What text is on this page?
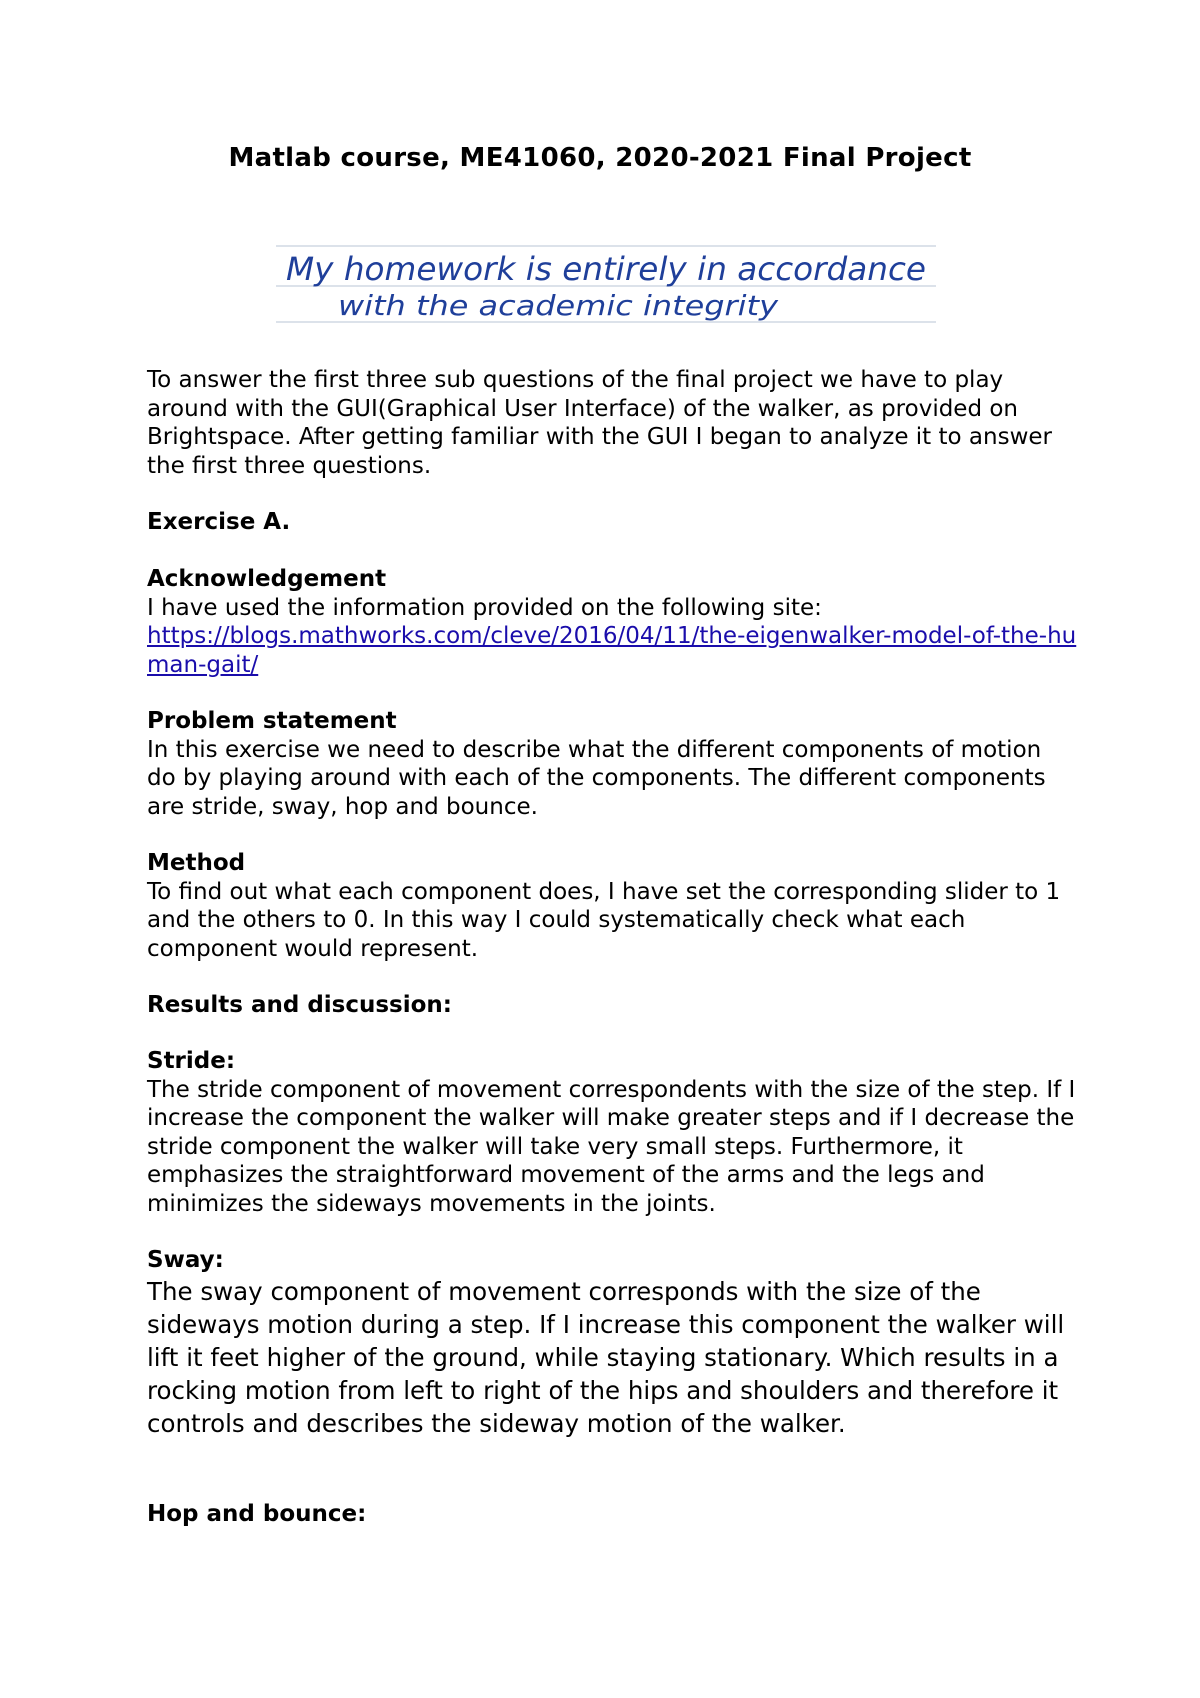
Matlab course, ME41060, 2020-2021 Final Project
My homework is entirely in accordance
with the academic integrity

To answer the first three sub questions of the final project we have to play around with the GUI(Graphical User Interface) of the walker, as provided on Brightspace. After getting familiar with the GUI I began to analyze it to answer the first three questions.

Exercise A.

Acknowledgement

I have used the information provided on the following site:

https://blogs.mathworks.com/cleve/2016/04/11/the-eigenwalker-model-of-the-human-gait/

Problem statement

In this exercise we need to describe what the different components of motion do by playing around with each of the components. The different components are stride, sway, hop and bounce.

Method

To find out what each component does, I have set the corresponding slider to 1 and the others to 0. In this way I could systematically check what each component would represent.

Results and discussion:

Stride:

The stride component of movement correspondents with the size of the step. If I increase the component the walker will make greater steps and if I decrease the stride component the walker will take very small steps. Furthermore, it emphasizes the straightforward movement of the arms and the legs and minimizes the sideways movements in the joints.

Sway:

The sway component of movement corresponds with the size of the sideways motion during a step. If I increase this component the walker will lift it feet higher of the ground, while staying stationary. Which results in a rocking motion from left to right of the hips and shoulders and therefore it controls and describes the sideway motion of the walker.

Hop and bounce:
